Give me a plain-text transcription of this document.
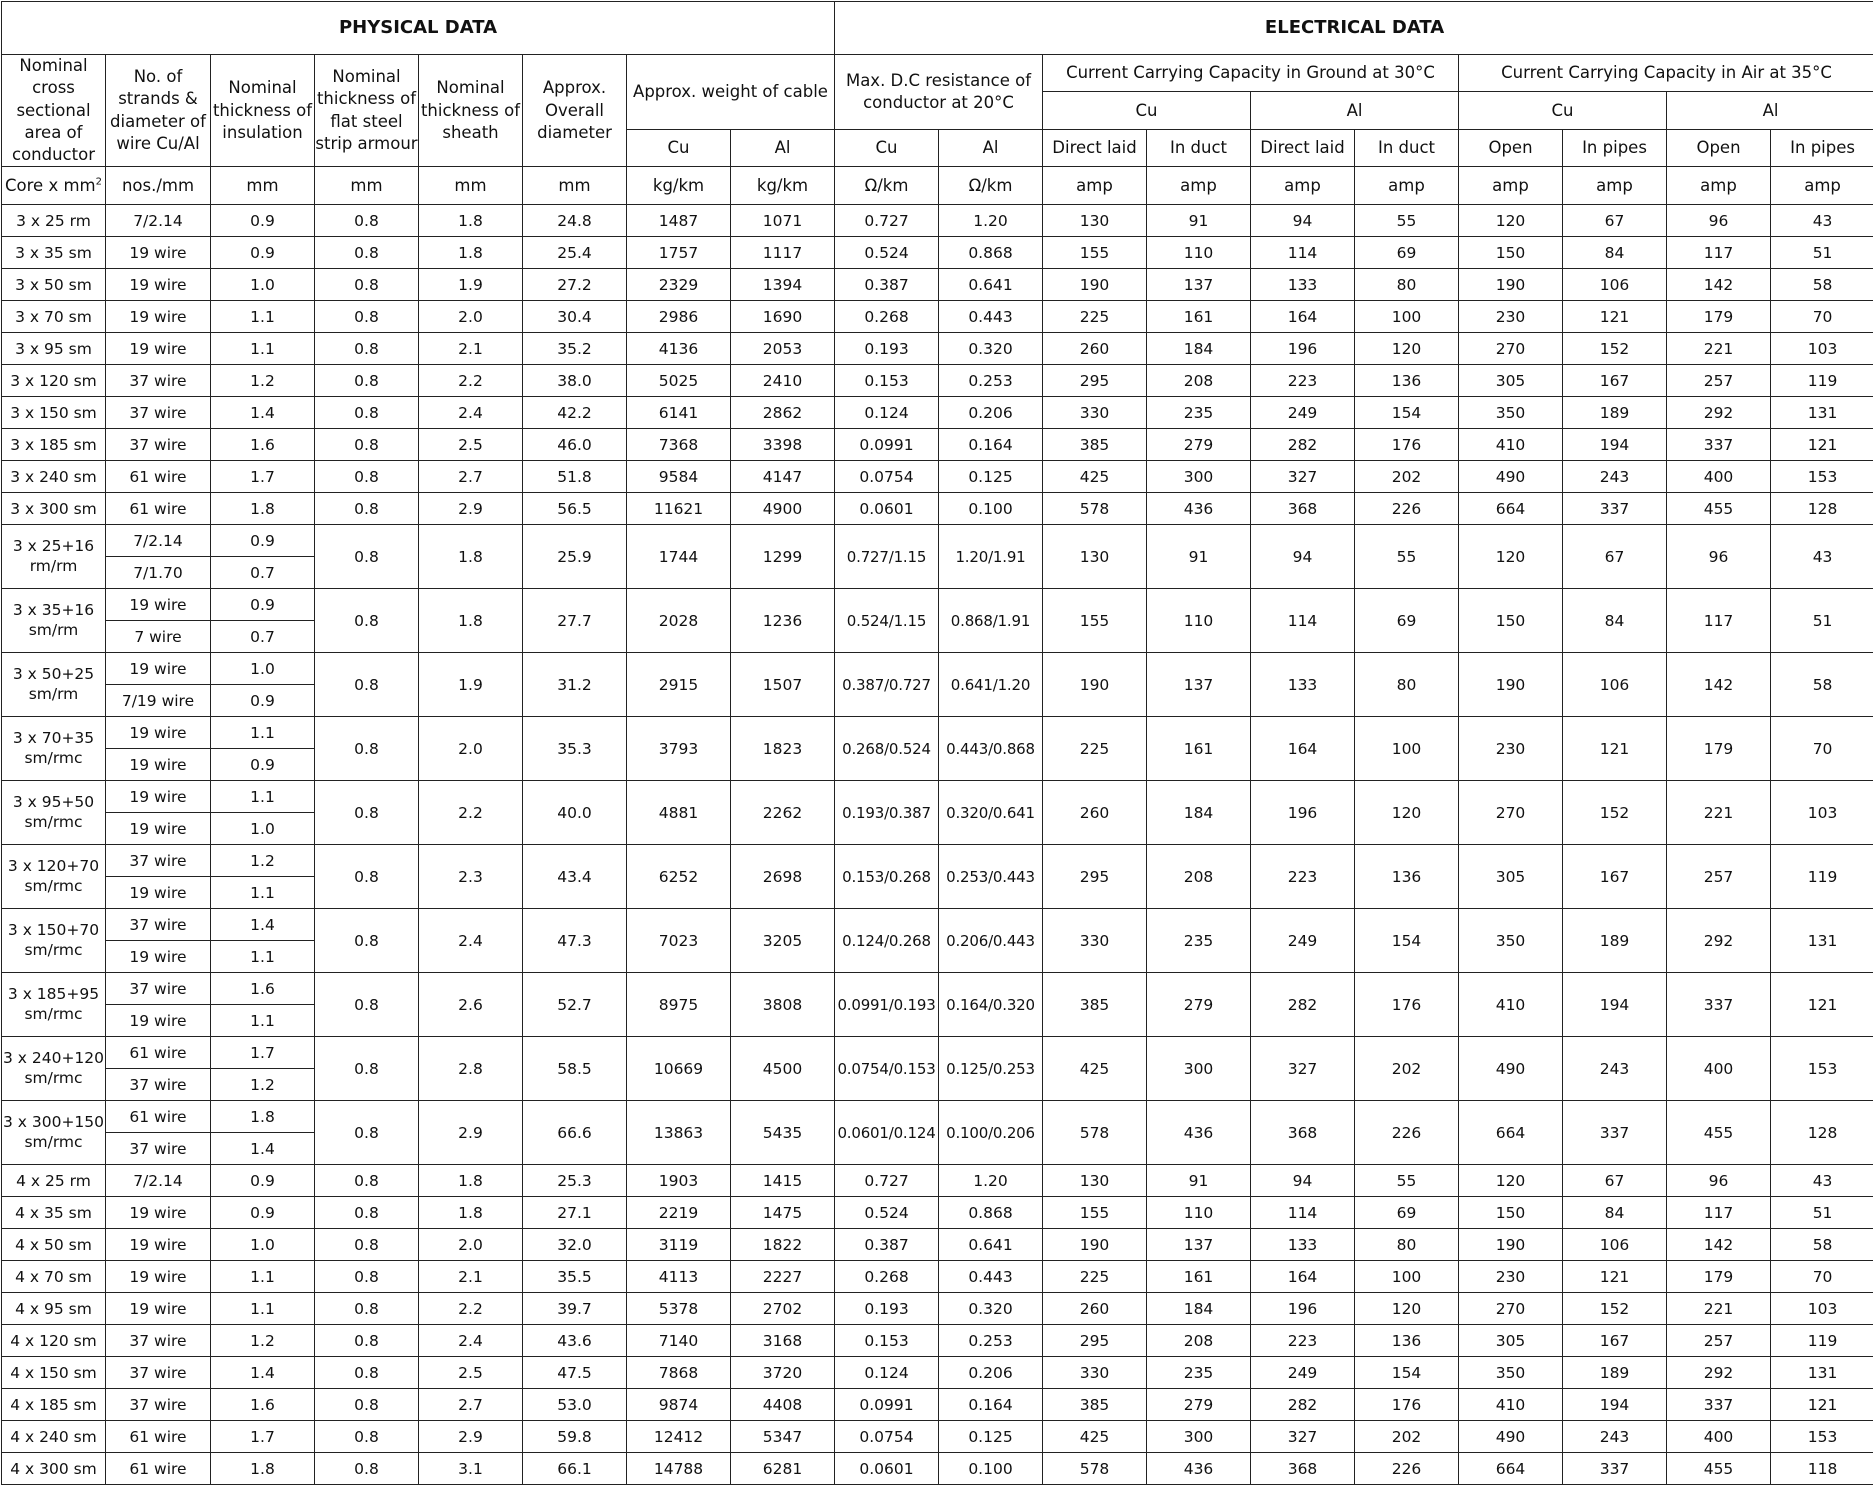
PHYSICAL DATA								ELECTRICAL DATA									
Nominal cross sectional area of conductor	No. of strands & diameter of wire Cu/Al	Nominal thickness of insulation	Nominal thickness of flat steel strip armour	Nominal thickness of sheath	Approx. Overall diameter	Approx. weight of cable		Max. D.C resistance of conductor at 20°C		Current Carrying Capacity in Ground at 30°C				Current Carrying Capacity in Air at 35°C			
										Cu		Al		Cu		Al	
						Cu	Al	Cu	Al	Direct laid	In duct	Direct laid	In duct	Open	In pipes	Open	In pipes
Core x $mm^2$	nos./mm	mm	mm	mm	mm	kg/km	kg/km	Ω/km	Ω/km	amp	amp	amp	amp	amp	amp	amp	amp
3 x 25 rm	7/2.14	0.9	0.8	1.8	24.8	1487	1071	0.727	1.20	130	91	94	55	120	67	96	43
3 x 35 sm	19 wire	0.9	0.8	1.8	25.4	1757	1117	0.524	0.868	155	110	114	69	150	84	117	51
3 x 50 sm	19 wire	1.0	0.8	1.9	27.2	2329	1394	0.387	0.641	190	137	133	80	190	106	142	58
3 x 70 sm	19 wire	1.1	0.8	2.0	30.4	2986	1690	0.268	0.443	225	161	164	100	230	121	179	70
3 x 95 sm	19 wire	1.1	0.8	2.1	35.2	4136	2053	0.193	0.320	260	184	196	120	270	152	221	103
3 x 120 sm	37 wire	1.2	0.8	2.2	38.0	5025	2410	0.153	0.253	295	208	223	136	305	167	257	119
3 x 150 sm	37 wire	1.4	0.8	2.4	42.2	6141	2862	0.124	0.206	330	235	249	154	350	189	292	131
3 x 185 sm	37 wire	1.6	0.8	2.5	46.0	7368	3398	0.0991	0.164	385	279	282	176	410	194	337	121
3 x 240 sm	61 wire	1.7	0.8	2.7	51.8	9584	4147	0.0754	0.125	425	300	327	202	490	243	400	153
3 x 300 sm	61 wire	1.8	0.8	2.9	56.5	11621	4900	0.0601	0.100	578	436	368	226	664	337	455	128
3 x 25+16 rm/rm	7/2.14	0.9	0.8	1.8	25.9	1744	1299	0.727/1.15	1.20/1.91	130	91	94	55	120	67	96	43
	7/1.70	0.7															
3 x 35+16 sm/rm	19 wire	0.9	0.8	1.8	27.7	2028	1236	0.524/1.15	0.868/1.91	155	110	114	69	150	84	117	51
	7 wire	0.7															
3 x 50+25 sm/rm	19 wire	1.0	0.8	1.9	31.2	2915	1507	0.387/0.727	0.641/1.20	190	137	133	80	190	106	142	58
	7/19 wire	0.9															
3 x 70+35 sm/rmc	19 wire	1.1	0.8	2.0	35.3	3793	1823	0.268/0.524	0.443/0.868	225	161	164	100	230	121	179	70
	19 wire	0.9															
3 x 95+50 sm/rmc	19 wire	1.1	0.8	2.2	40.0	4881	2262	0.193/0.387	0.320/0.641	260	184	196	120	270	152	221	103
	19 wire	1.0															
3 x 120+70 sm/rmc	37 wire	1.2	0.8	2.3	43.4	6252	2698	0.153/0.268	0.253/0.443	295	208	223	136	305	167	257	119
	19 wire	1.1															
3 x 150+70 sm/rmc	37 wire	1.4	0.8	2.4	47.3	7023	3205	0.124/0.268	0.206/0.443	330	235	249	154	350	189	292	131
	19 wire	1.1															
3 x 185+95 sm/rmc	37 wire	1.6	0.8	2.6	52.7	8975	3808	0.0991/0.193	0.164/0.320	385	279	282	176	410	194	337	121
	19 wire	1.1															
3 x 240+120 sm/rmc	61 wire	1.7	0.8	2.8	58.5	10669	4500	0.0754/0.153	0.125/0.253	425	300	327	202	490	243	400	153
	37 wire	1.2															
3 x 300+150 sm/rmc	61 wire	1.8	0.8	2.9	66.6	13863	5435	0.0601/0.124	0.100/0.206	578	436	368	226	664	337	455	128
	37 wire	1.4															
4 x 25 rm	7/2.14	0.9	0.8	1.8	25.3	1903	1415	0.727	1.20	130	91	94	55	120	67	96	43
4 x 35 sm	19 wire	0.9	0.8	1.8	27.1	2219	1475	0.524	0.868	155	110	114	69	150	84	117	51
4 x 50 sm	19 wire	1.0	0.8	2.0	32.0	3119	1822	0.387	0.641	190	137	133	80	190	106	142	58
4 x 70 sm	19 wire	1.1	0.8	2.1	35.5	4113	2227	0.268	0.443	225	161	164	100	230	121	179	70
4 x 95 sm	19 wire	1.1	0.8	2.2	39.7	5378	2702	0.193	0.320	260	184	196	120	270	152	221	103
4 x 120 sm	37 wire	1.2	0.8	2.4	43.6	7140	3168	0.153	0.253	295	208	223	136	305	167	257	119
4 x 150 sm	37 wire	1.4	0.8	2.5	47.5	7868	3720	0.124	0.206	330	235	249	154	350	189	292	131
4 x 185 sm	37 wire	1.6	0.8	2.7	53.0	9874	4408	0.0991	0.164	385	279	282	176	410	194	337	121
4 x 240 sm	61 wire	1.7	0.8	2.9	59.8	12412	5347	0.0754	0.125	425	300	327	202	490	243	400	153
4 x 300 sm	61 wire	1.8	0.8	3.1	66.1	14788	6281	0.0601	0.100	578	436	368	226	664	337	455	118
